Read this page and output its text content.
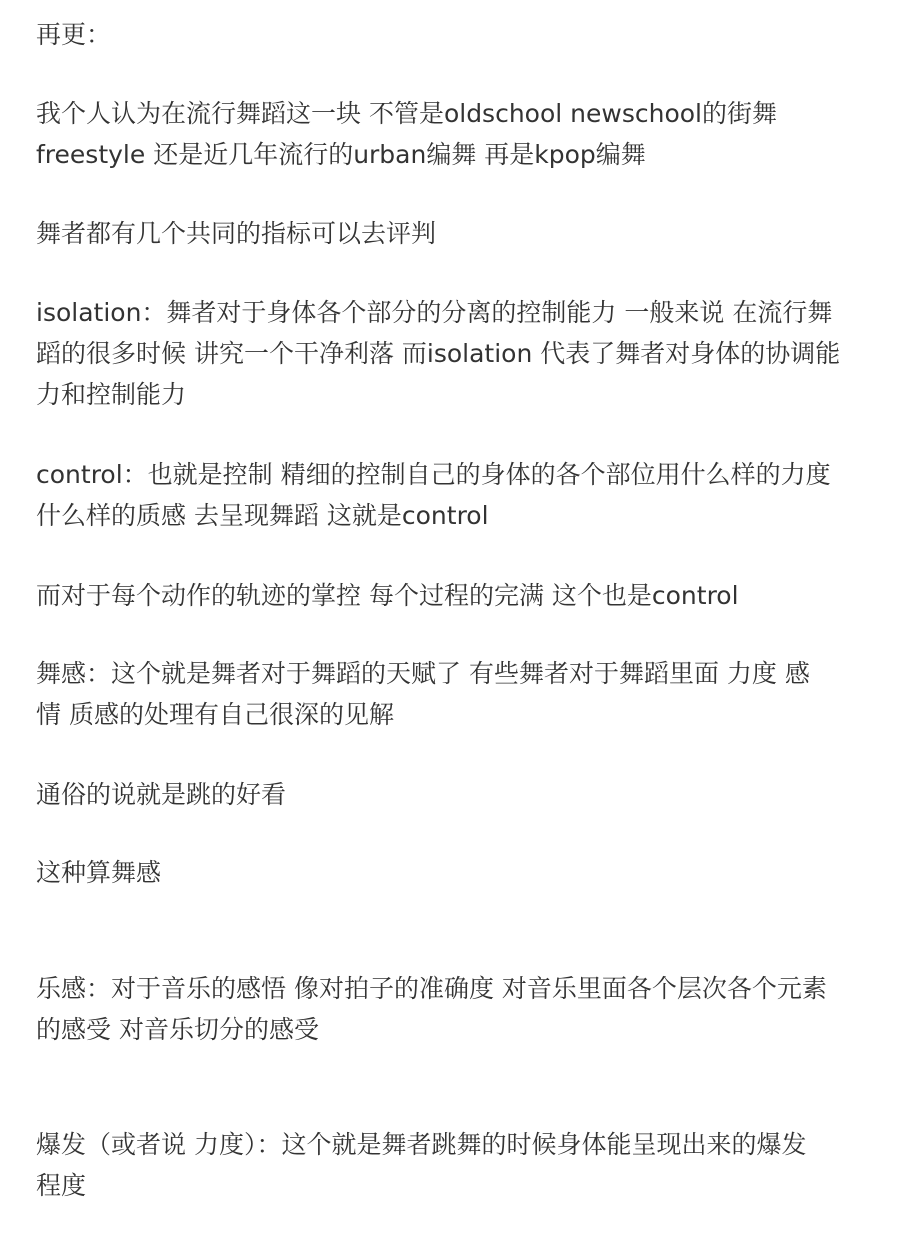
再更：

我个人认为在流行舞蹈这一块 不管是oldschool newschool的街舞
freestyle 还是近几年流行的urban编舞 再是kpop编舞

舞者都有几个共同的指标可以去评判

isolation：舞者对于身体各个部分的分离的控制能力 一般来说 在流行舞
蹈的很多时候 讲究一个干净利落 而isolation 代表了舞者对身体的协调能
力和控制能力

control：也就是控制 精细的控制自己的身体的各个部位用什么样的力度
什么样的质感 去呈现舞蹈 这就是control

而对于每个动作的轨迹的掌控 每个过程的完满 这个也是control

舞感：这个就是舞者对于舞蹈的天赋了 有些舞者对于舞蹈里面 力度 感
情 质感的处理有自己很深的见解

通俗的说就是跳的好看

这种算舞感

乐感：对于音乐的感悟 像对拍子的准确度 对音乐里面各个层次各个元素
的感受 对音乐切分的感受

爆发（或者说 力度）：这个就是舞者跳舞的时候身体能呈现出来的爆发
程度
